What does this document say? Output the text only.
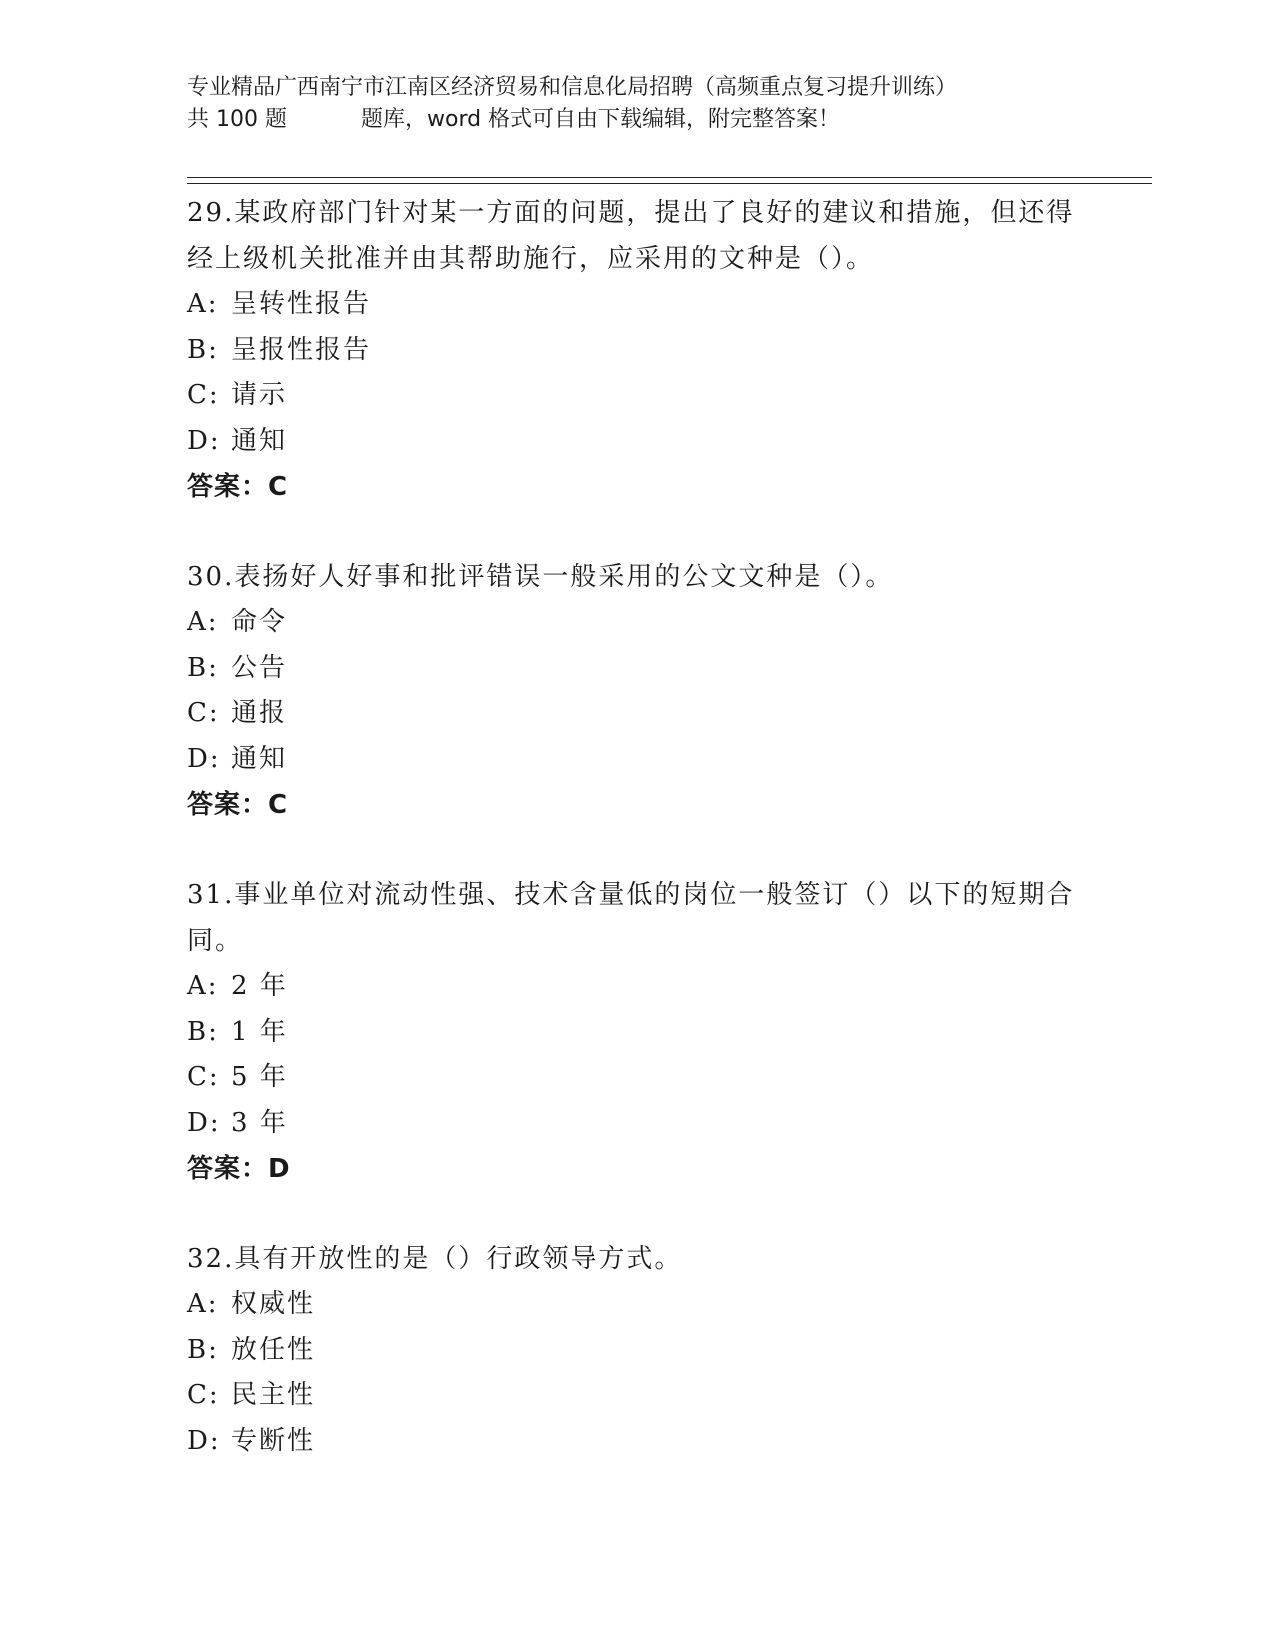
专业精品广西南宁市江南区经济贸易和信息化局招聘（高频重点复习提升训练）
共 100 题	题库，word 格式可自由下载编辑，附完整答案！
29.某政府部门针对某一方面的问题，提出了良好的建议和措施，但还得经上级机关批准并由其帮助施行，应采用的文种是（）。
A: 呈转性报告
B: 呈报性报告
C: 请示
D: 通知
答案：C
30.表扬好人好事和批评错误一般采用的公文文种是（）。
A: 命令
B: 公告
C: 通报
D: 通知
答案：C
31.事业单位对流动性强、技术含量低的岗位一般签订（）以下的短期合同。
A: 2 年
B: 1 年
C: 5 年
D: 3 年
答案：D
32.具有开放性的是（）行政领导方式。
A: 权威性
B: 放任性
C: 民主性
D: 专断性
